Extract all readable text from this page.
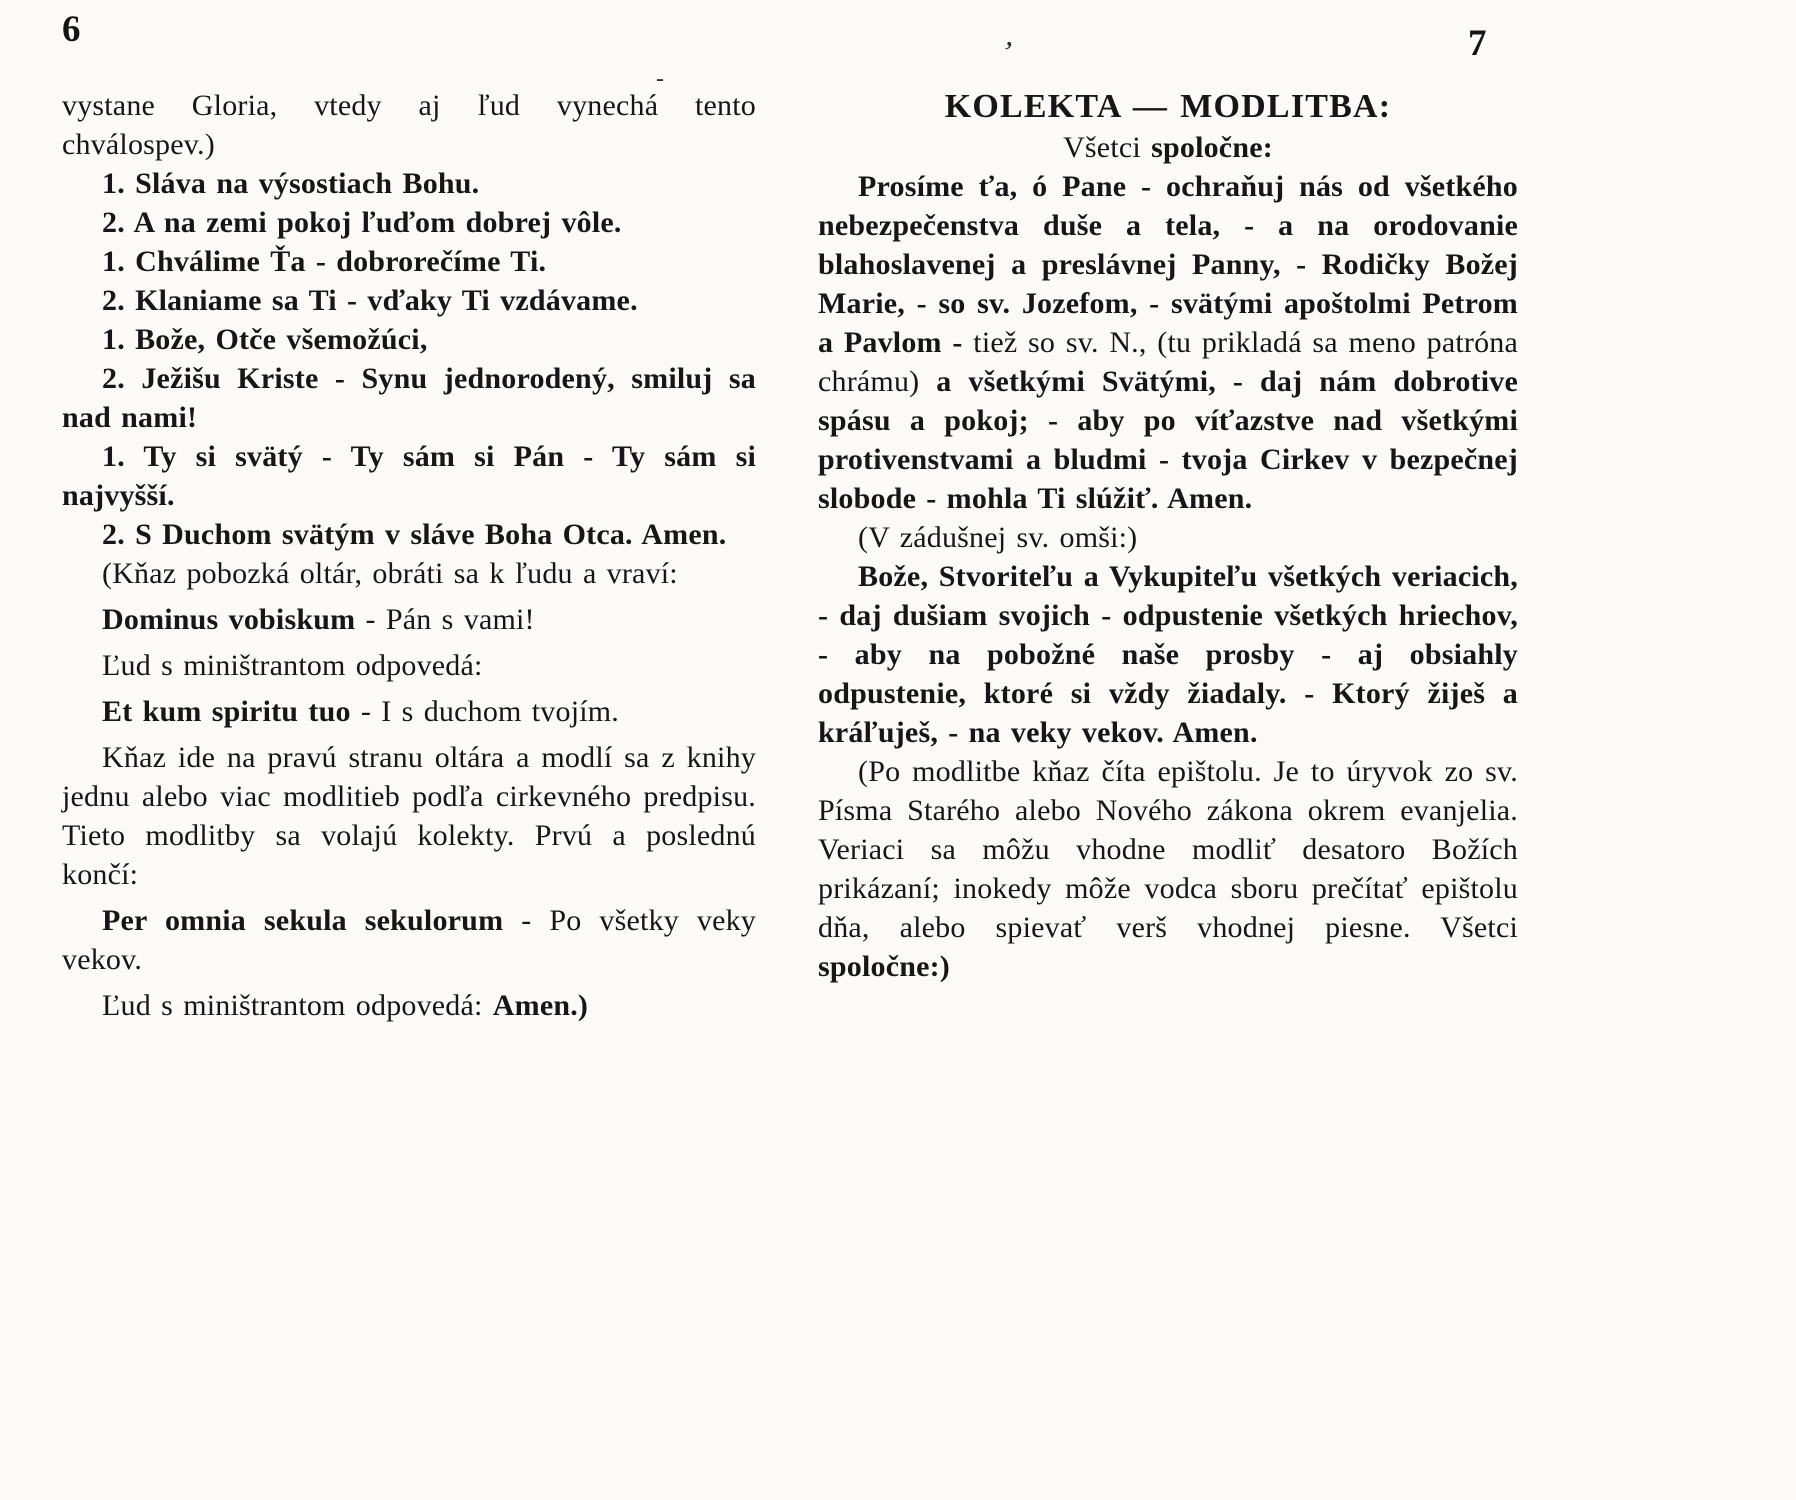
6	7
’
-

vystane Gloria, vtedy aj ľud vynechá tento chválospev.)

1. Sláva na výsostiach Bohu.

2. A na zemi pokoj ľuďom dobrej vôle.

1. Chválime Ťa - dobrorečíme Ti.

2. Klaniame sa Ti - vďaky Ti vzdávame.

1. Bože, Otče všemožúci,

2. Ježišu Kriste - Synu jednorodený, smiluj sa nad nami!

1. Ty si svätý - Ty sám si Pán - Ty sám si najvyšší.

2. S Duchom svätým v sláve Boha Otca. Amen.

(Kňaz pobozká oltár, obráti sa k ľudu a vraví:

Dominus vobiskum - Pán s vami!

Ľud s miništrantom odpovedá:

Et kum spiritu tuo - I s duchom tvojím.

Kňaz ide na pravú stranu oltára a modlí sa z knihy jednu alebo viac modlitieb podľa cirkevného predpisu. Tieto modlitby sa volajú kolekty. Prvú a poslednú končí:

Per omnia sekula sekulorum - Po všetky veky vekov.

Ľud s miništrantom odpovedá: Amen.)

KOLEKTA — MODLITBA:

Všetci spoločne:

Prosíme ťa, ó Pane - ochraňuj nás od všetkého nebezpečenstva duše a tela, - a na orodovanie blahoslavenej a preslávnej Panny, - Rodičky Božej Marie, - so sv. Jozefom, - svätými apoštolmi Petrom a Pavlom - tiež so sv. N., (tu prikladá sa meno patróna chrámu) a všetkými Svätými, - daj nám dobrotive spásu a pokoj; - aby po víťazstve nad všetkými protivenstvami a bludmi - tvoja Cirkev v bezpečnej slobode - mohla Ti slúžiť. Amen.

(V zádušnej sv. omši:)

Bože, Stvoriteľu a Vykupiteľu všetkých veriacich, - daj dušiam svojich - odpustenie všetkých hriechov, - aby na pobožné naše prosby - aj obsiahly odpustenie, ktoré si vždy žiadaly. - Ktorý žiješ a kráľuješ, - na veky vekov. Amen.

(Po modlitbe kňaz číta epištolu. Je to úryvok zo sv. Písma Starého alebo Nového zákona okrem evanjelia. Veriaci sa môžu vhodne modliť desatoro Božích prikázaní; inokedy môže vodca sboru prečítať epištolu dňa, alebo spievať verš vhodnej piesne. Všetci spoločne:)
